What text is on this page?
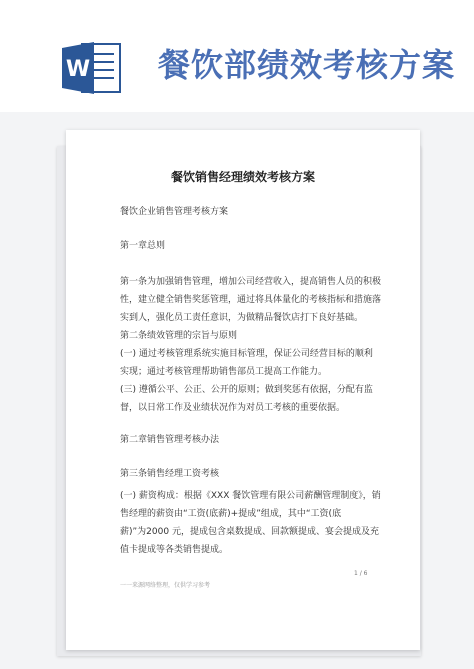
W 餐饮部绩效考核方案
餐饮销售经理绩效考核方案
餐饮企业销售管理考核方案
第一章总则
第一条为加强销售管理，增加公司经营收入，提高销售人员的积极
性，建立健全销售奖惩管理，通过将具体量化的考核指标和措施落
实到人，强化员工责任意识，为做精品餐饮店打下良好基础。
第二条绩效管理的宗旨与原则
(一) 通过考核管理系统实施目标管理，保证公司经营目标的顺利
实现；通过考核管理帮助销售部员工提高工作能力。
(三) 遵循公平、公正、公开的原则；做到奖惩有依据，分配有监
督，以日常工作及业绩状况作为对员工考核的重要依据。
第二章销售管理考核办法
第三条销售经理工资考核
(一) 薪资构成：根据《XXX 餐饮管理有限公司薪酬管理制度》，销
售经理的薪资由“工资(底薪)+提成”组成，其中“工资(底
薪)”为2000 元，提成包含桌数提成、回款额提成、宴会提成及充
值卡提成等各类销售提成。
1 / 6
一一来源网络整理，仅供学习参考
